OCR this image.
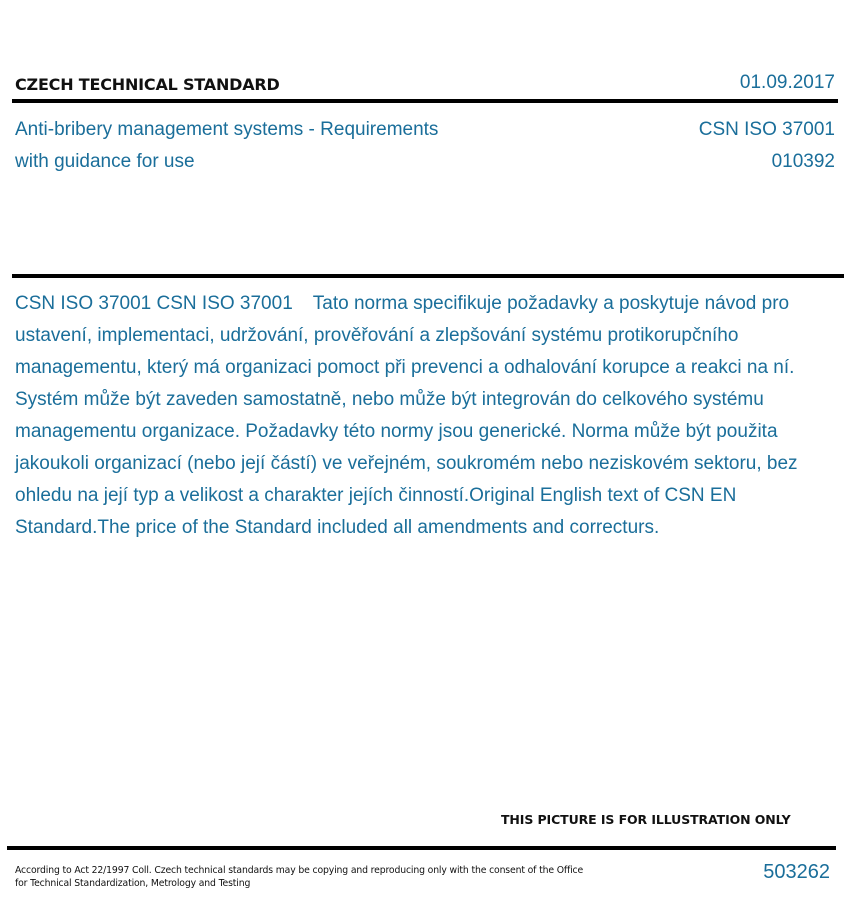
CZECH TECHNICAL STANDARD	01.09.2017
Anti-bribery management systems - Requirements
with guidance for use
CSN ISO 37001
010392
CSN ISO 37001 CSN ISO 37001 Tato norma specifikuje požadavky a poskytuje návod pro ustavení, implementaci, udržování, prověřování a zlepšování systému protikorupčního managementu, který má organizaci pomoct při prevenci a odhalování korupce a reakci na ní. Systém může být zaveden samostatně, nebo může být integrován do celkového systému managementu organizace. Požadavky této normy jsou generické. Norma může být použita jakoukoli organizací (nebo její částí) ve veřejném, soukromém nebo neziskovém sektoru, bez ohledu na její typ a velikost a charakter jejích činností.Original English text of CSN EN Standard.The price of the Standard included all amendments and correcturs.
THIS PICTURE IS FOR ILLUSTRATION ONLY
According to Act 22/1997 Coll. Czech technical standards may be copying and reproducing only with the consent of the Office
for Technical Standardization, Metrology and Testing
503262
